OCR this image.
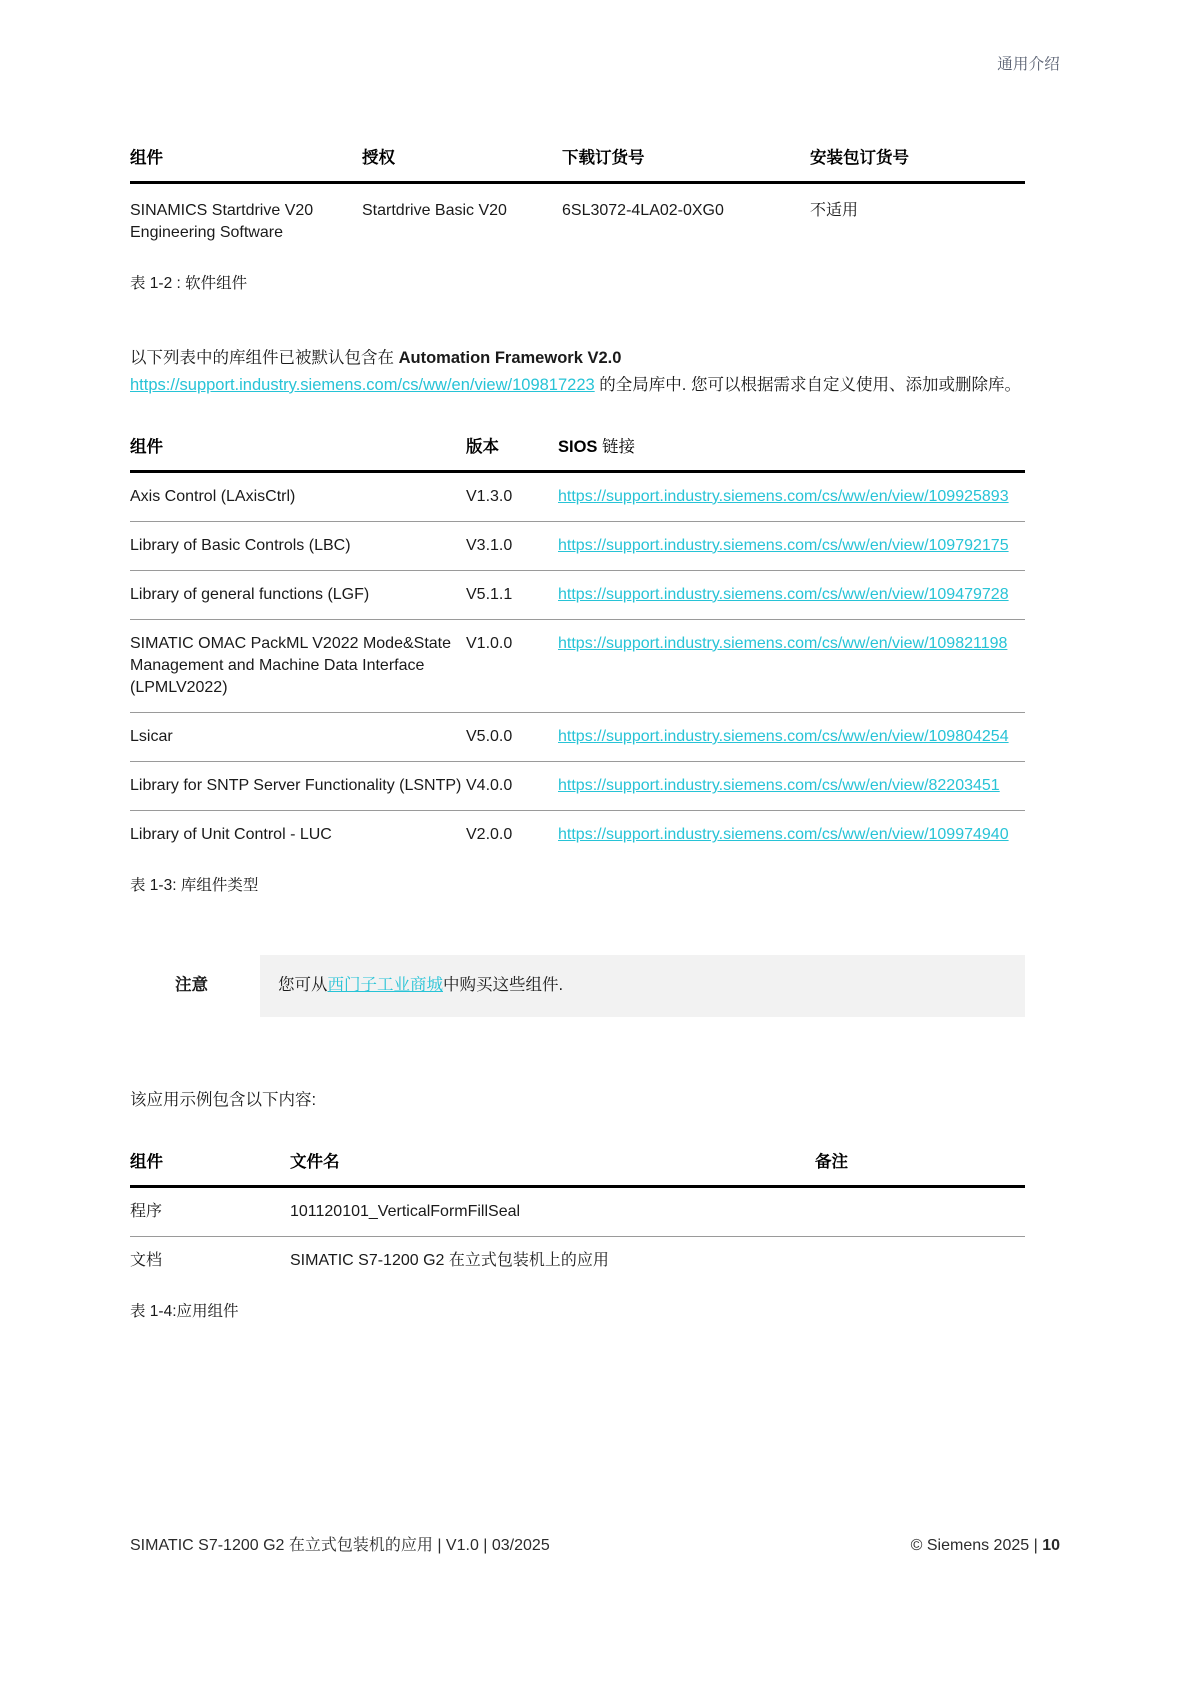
通用介绍
组件	授权	下载订货号	安装包订货号
SINAMICS Startdrive V20 Engineering Software	Startdrive Basic V20	6SL3072-4LA02-0XG0	不适用
表 1-2 : 软件组件
以下列表中的库组件已被默认包含在 Automation Framework V2.0
https://support.industry.siemens.com/cs/ww/en/view/109817223 的全局库中. 您可以根据需求自定义使用、添加或删除库。
组件	版本	SIOS 链接
Axis Control (LAxisCtrl)	V1.3.0	https://support.industry.siemens.com/cs/ww/en/view/109925893
Library of Basic Controls (LBC)	V3.1.0	https://support.industry.siemens.com/cs/ww/en/view/109792175
Library of general functions (LGF)	V5.1.1	https://support.industry.siemens.com/cs/ww/en/view/109479728
SIMATIC OMAC PackML V2022 Mode&State Management and Machine Data Interface (LPMLV2022)	V1.0.0	https://support.industry.siemens.com/cs/ww/en/view/109821198
Lsicar	V5.0.0	https://support.industry.siemens.com/cs/ww/en/view/109804254
Library for SNTP Server Functionality (LSNTP)	V4.0.0	https://support.industry.siemens.com/cs/ww/en/view/82203451
Library of Unit Control - LUC	V2.0.0	https://support.industry.siemens.com/cs/ww/en/view/109974940
表 1-3: 库组件类型
注意	您可从西门子工业商城中购买这些组件.
该应用示例包含以下内容:
组件	文件名	备注
程序	101120101_VerticalFormFillSeal	
文档	SIMATIC S7-1200 G2 在立式包装机上的应用	
表 1-4:应用组件
SIMATIC S7-1200 G2 在立式包装机的应用 | V1.0 | 03/2025	© Siemens 2025 | 10
